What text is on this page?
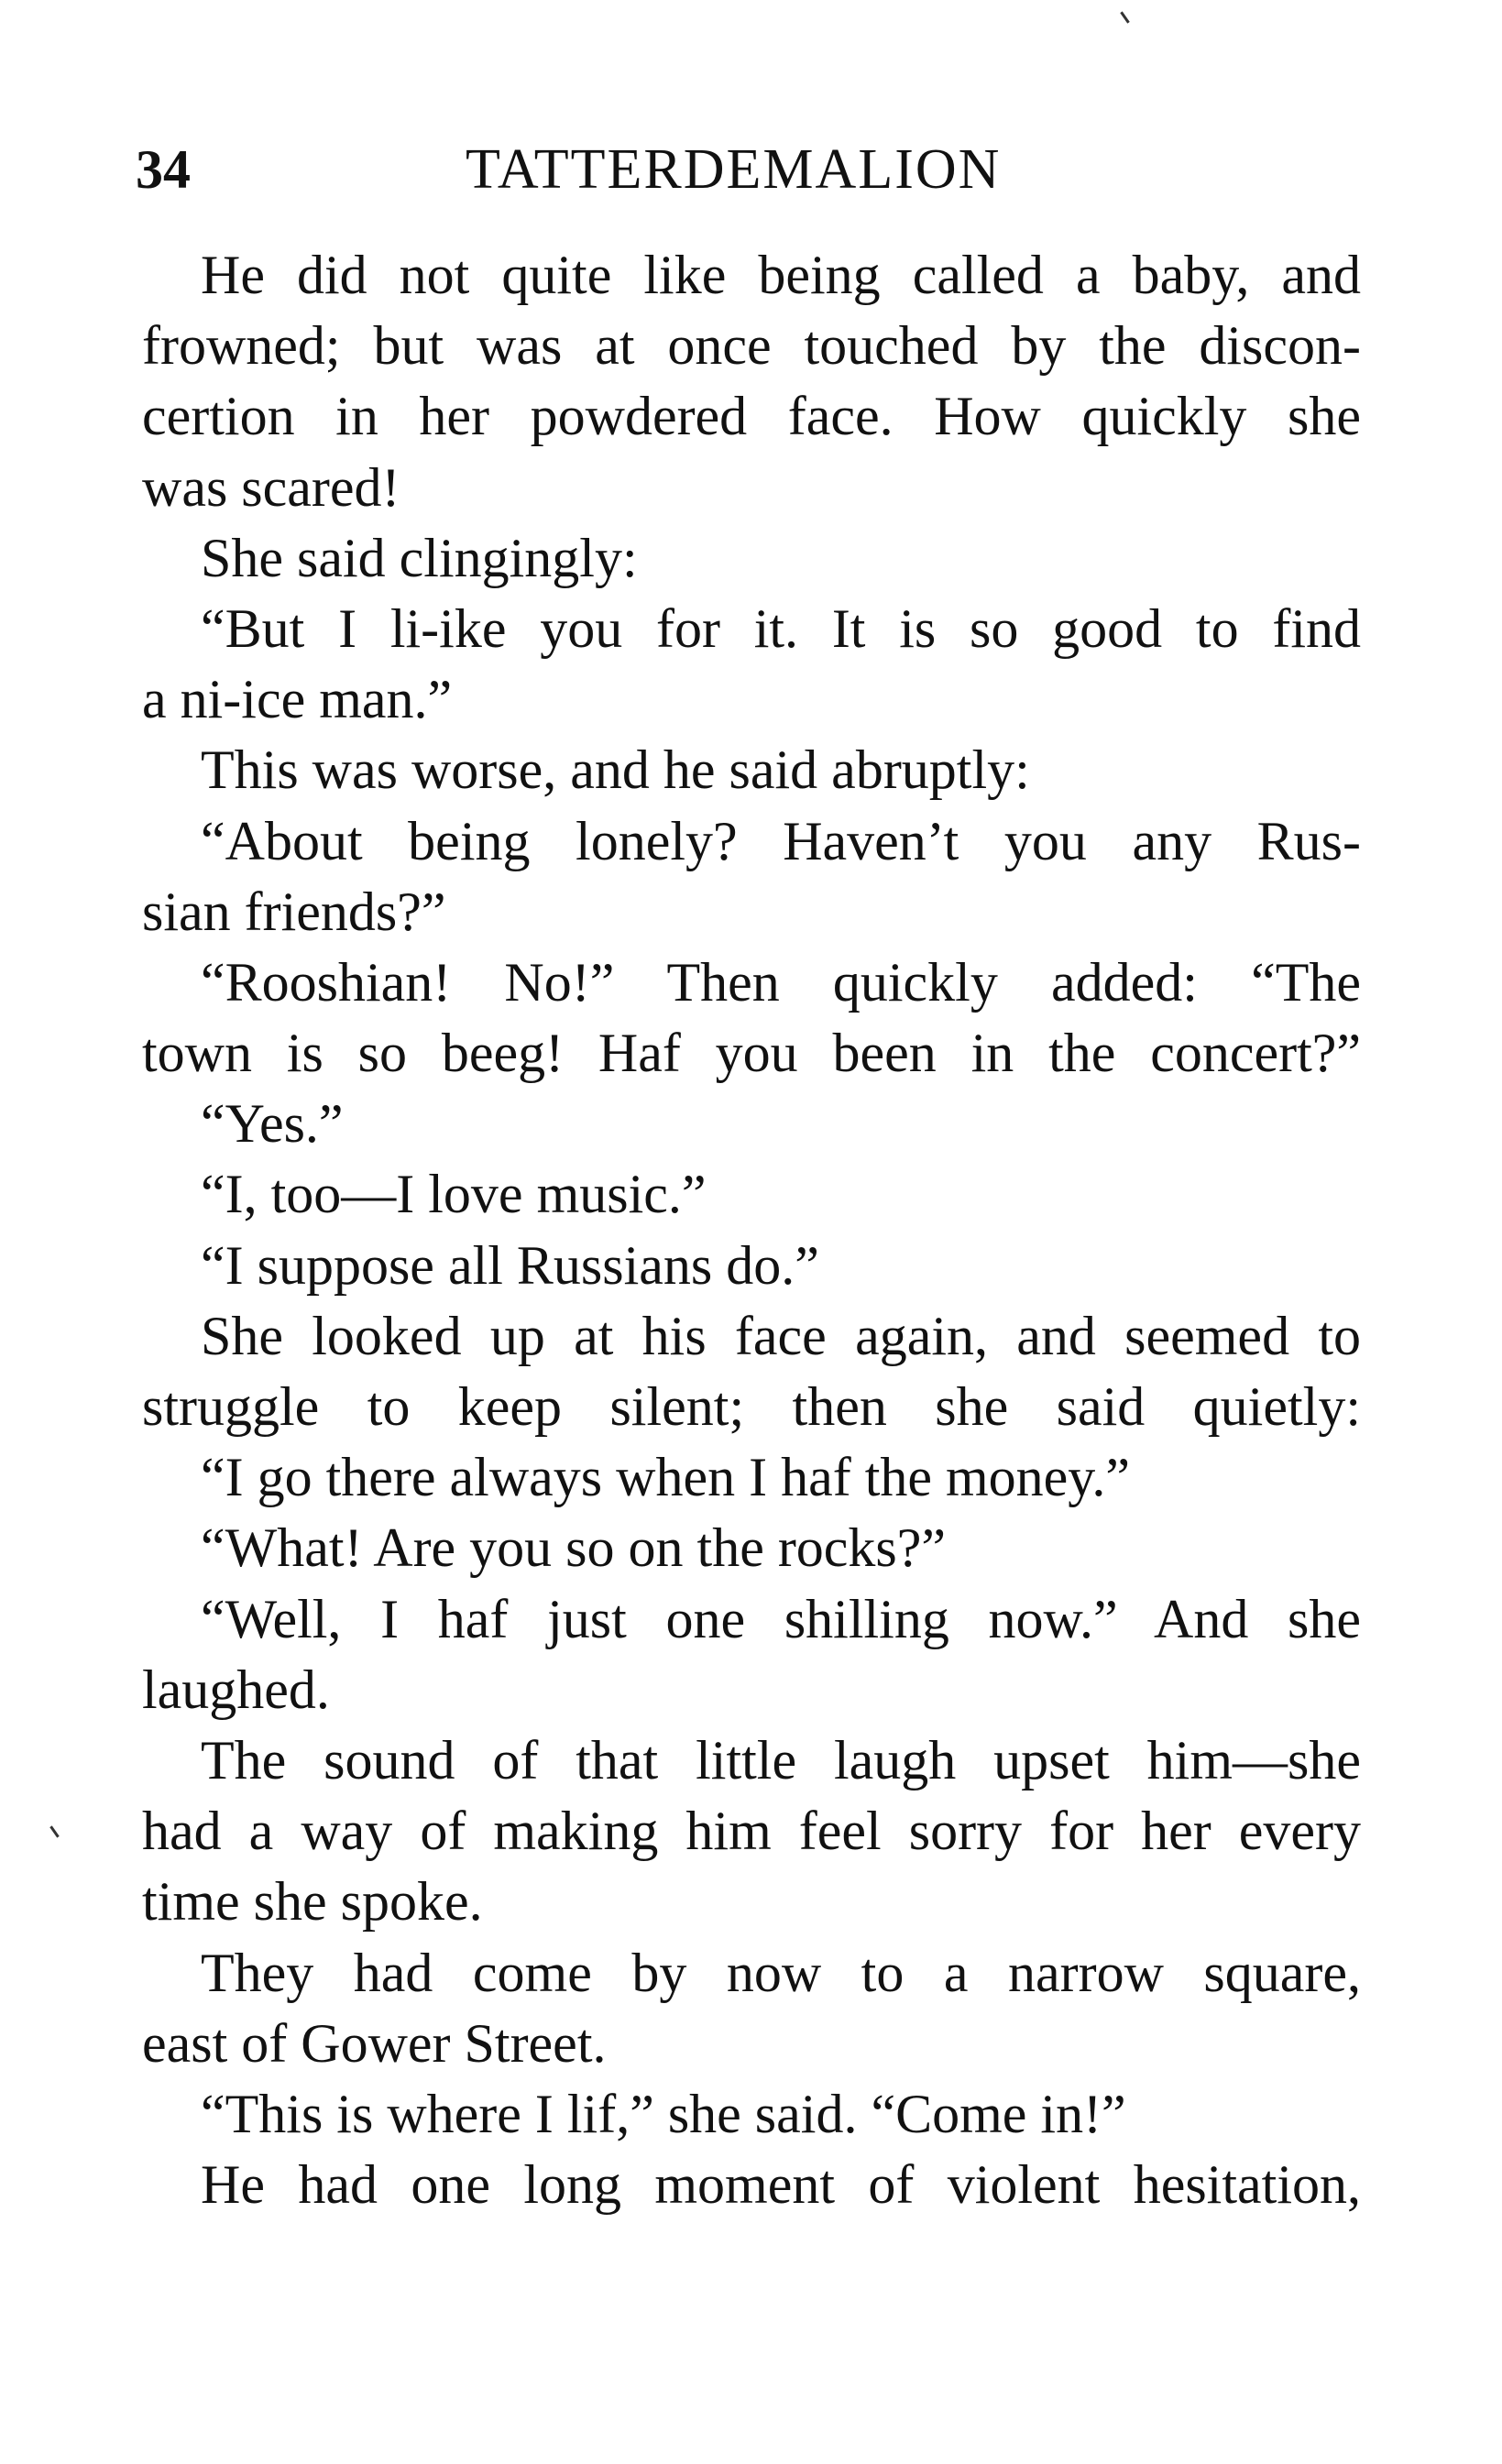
34	TATTERDEMALION
He did not quite like being called a baby, and
frowned; but was at once touched by the discon-
certion in her powdered face. How quickly she
was scared!
She said clingingly:
“But I li-ike you for it. It is so good to find
a ni-ice man.”
This was worse, and he said abruptly:
“About being lonely? Haven’t you any Rus-
sian friends?”
“Rooshian! No!” Then quickly added: “The
town is so beeg! Haf you been in the concert?”
“Yes.”
“I, too—I love music.”
“I suppose all Russians do.”
She looked up at his face again, and seemed to
struggle to keep silent; then she said quietly:
“I go there always when I haf the money.”
“What! Are you so on the rocks?”
“Well, I haf just one shilling now.” And she
laughed.
The sound of that little laugh upset him—she
had a way of making him feel sorry for her every
time she spoke.
They had come by now to a narrow square,
east of Gower Street.
“This is where I lif,” she said. “Come in!”
He had one long moment of violent hesitation,
